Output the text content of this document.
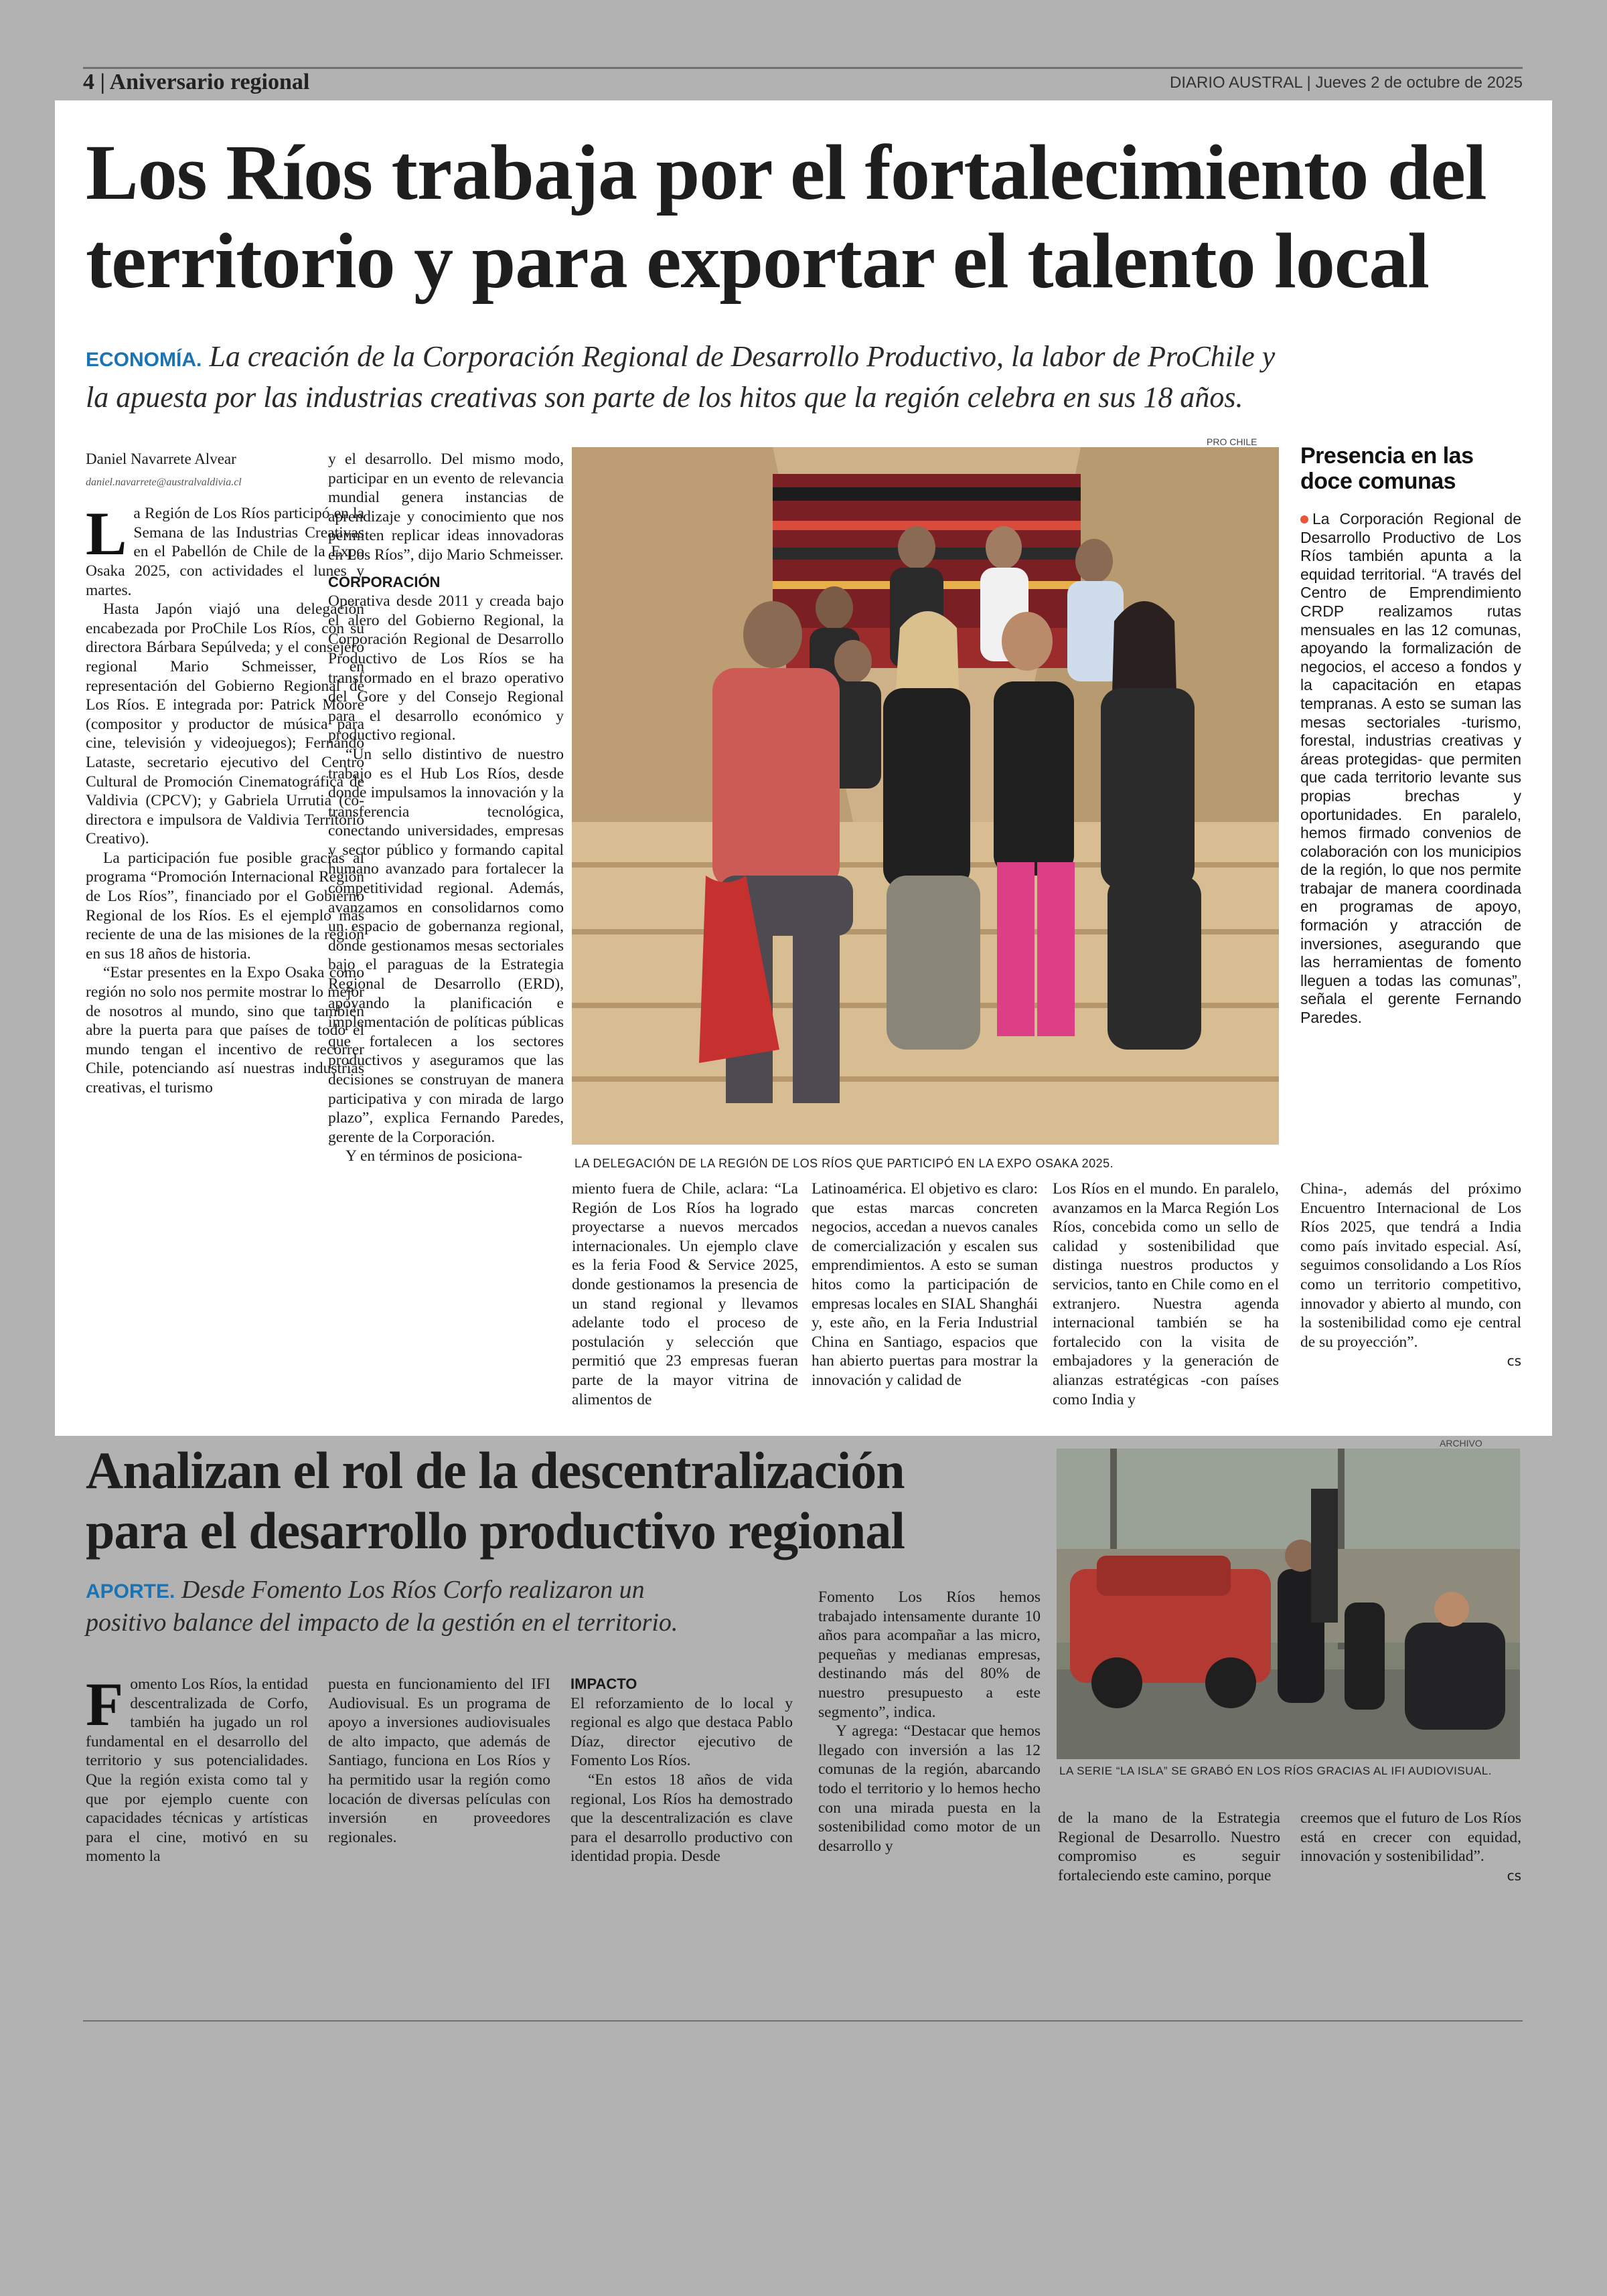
4 | Aniversario regional	DIARIO AUSTRAL | Jueves 2 de octubre de 2025
Los Ríos trabaja por el fortalecimiento del
territorio y para exportar el talento local
ECONOMÍA. La creación de la Corporación Regional de Desarrollo Productivo, la labor de ProChile y
la apuesta por las industrias creativas son parte de los hitos que la región celebra en sus 18 años.
Daniel Navarrete Alvear
daniel.navarrete@australvaldivia.cl

La Región de Los Ríos participó en la Semana de las Industrias Creativas en el Pabellón de Chile de la Expo Osaka 2025, con actividades el lunes y martes.

Hasta Japón viajó una delegación encabezada por ProChile Los Ríos, con su directora Bárbara Sepúlveda; y el consejero regional Mario Schmeisser, en representación del Gobierno Regional de Los Ríos. E integrada por: Patrick Moore (compositor y productor de música para cine, televisión y videojuegos); Fernando Lataste, secretario ejecutivo del Centro Cultural de Promoción Cinematográfica de Valdivia (CPCV); y Gabriela Urrutia (co-directora e impulsora de Valdivia Territorio Creativo).

La participación fue posible gracias al programa “Promoción Internacional Región de Los Ríos”, financiado por el Gobierno Regional de los Ríos. Es el ejemplo más reciente de una de las misiones de la región en sus 18 años de historia.

“Estar presentes en la Expo Osaka como región no solo nos permite mostrar lo mejor de nosotros al mundo, sino que también abre la puerta para que países de todo el mundo tengan el incentivo de recorrer Chile, potenciando así nuestras industrias creativas, el turismo

y el desarrollo. Del mismo modo, participar en un evento de relevancia mundial genera instancias de aprendizaje y conocimiento que nos permiten replicar ideas innovadoras en Los Ríos”, dijo Mario Schmeisser.

CORPORACIÓN

Operativa desde 2011 y creada bajo el alero del Gobierno Regional, la Corporación Regional de Desarrollo Productivo de Los Ríos se ha transformado en el brazo operativo del Gore y del Consejo Regional para el desarrollo económico y productivo regional.

“Un sello distintivo de nuestro trabajo es el Hub Los Ríos, desde donde impulsamos la innovación y la transferencia tecnológica, conectando universidades, empresas y sector público y formando capital humano avanzado para fortalecer la competitividad regional. Además, avanzamos en consolidarnos como un espacio de gobernanza regional, donde gestionamos mesas sectoriales bajo el paraguas de la Estrategia Regional de Desarrollo (ERD), apoyando la planificación e implementación de políticas públicas que fortalecen a los sectores productivos y aseguramos que las decisiones se construyan de manera participativa y con mirada de largo plazo”, explica Fernando Paredes, gerente de la Corporación.

Y en términos de posiciona-

PRO CHILE
LA DELEGACIÓN DE LA REGIÓN DE LOS RÍOS QUE PARTICIPÓ EN LA EXPO OSAKA 2025.

miento fuera de Chile, aclara: “La Región de Los Ríos ha logrado proyectarse a nuevos mercados internacionales. Un ejemplo clave es la feria Food & Service 2025, donde gestionamos la presencia de un stand regional y llevamos adelante todo el proceso de postulación y selección que permitió que 23 empresas fueran parte de la mayor vitrina de alimentos de

Latinoamérica. El objetivo es claro: que estas marcas concreten negocios, accedan a nuevos canales de comercialización y escalen sus emprendimientos. A esto se suman hitos como la participación de empresas locales en SIAL Shanghái y, este año, en la Feria Industrial China en Santiago, espacios que han abierto puertas para mostrar la innovación y calidad de

Los Ríos en el mundo. En paralelo, avanzamos en la Marca Región Los Ríos, concebida como un sello de calidad y sostenibilidad que distinga nuestros productos y servicios, tanto en Chile como en el extranjero. Nuestra agenda internacional también se ha fortalecido con la visita de embajadores y la generación de alianzas estratégicas -con países como India y

China-, además del próximo Encuentro Internacional de Los Ríos 2025, que tendrá a India como país invitado especial. Así, seguimos consolidando a Los Ríos como un territorio competitivo, innovador y abierto al mundo, con la sostenibilidad como eje central de su proyección”.

cs
Presencia en las
doce comunas
La Corporación Regional de Desarrollo Productivo de Los Ríos también apunta a la equidad territorial. “A través del Centro de Emprendimiento CRDP realizamos rutas mensuales en las 12 comunas, apoyando la formalización de negocios, el acceso a fondos y la capacitación en etapas tempranas. A esto se suman las mesas sectoriales -turismo, forestal, industrias creativas y áreas protegidas- que permiten que cada territorio levante sus propias brechas y oportunidades. En paralelo, hemos firmado convenios de colaboración con los municipios de la región, lo que nos permite trabajar de manera coordinada en programas de apoyo, formación y atracción de inversiones, asegurando que las herramientas de fomento lleguen a todas las comunas”, señala el gerente Fernando Paredes.
Analizan el rol de la descentralización
para el desarrollo productivo regional
APORTE. Desde Fomento Los Ríos Corfo realizaron un
positivo balance del impacto de la gestión en el territorio.

Fomento Los Ríos, la entidad descentralizada de Corfo, también ha jugado un rol fundamental en el desarrollo del territorio y sus potencialidades. Que la región exista como tal y que por ejemplo cuente con capacidades técnicas y artísticas para el cine, motivó en su momento la

puesta en funcionamiento del IFI Audiovisual. Es un programa de apoyo a inversiones audiovisuales de alto impacto, que además de Santiago, funciona en Los Ríos y ha permitido usar la región como locación de diversas películas con inversión en proveedores regionales.

IMPACTO

El reforzamiento de lo local y regional es algo que destaca Pablo Díaz, director ejecutivo de Fomento Los Ríos.

“En estos 18 años de vida regional, Los Ríos ha demostrado que la descentralización es clave para el desarrollo productivo con identidad propia. Desde

Fomento Los Ríos hemos trabajado intensamente durante 10 años para acompañar a las micro, pequeñas y medianas empresas, destinando más del 80% de nuestro presupuesto a este segmento”, indica.

Y agrega: “Destacar que hemos llegado con inversión a las 12 comunas de la región, abarcando todo el territorio y lo hemos hecho con una mirada puesta en la sostenibilidad como motor de un desarrollo y

ARCHIVO
LA SERIE “LA ISLA” SE GRABÓ EN LOS RÍOS GRACIAS AL IFI AUDIOVISUAL.

de la mano de la Estrategia Regional de Desarrollo. Nuestro compromiso es seguir fortaleciendo este camino, porque

creemos que el futuro de Los Ríos está en crecer con equidad, innovación y sostenibilidad”.

cs
